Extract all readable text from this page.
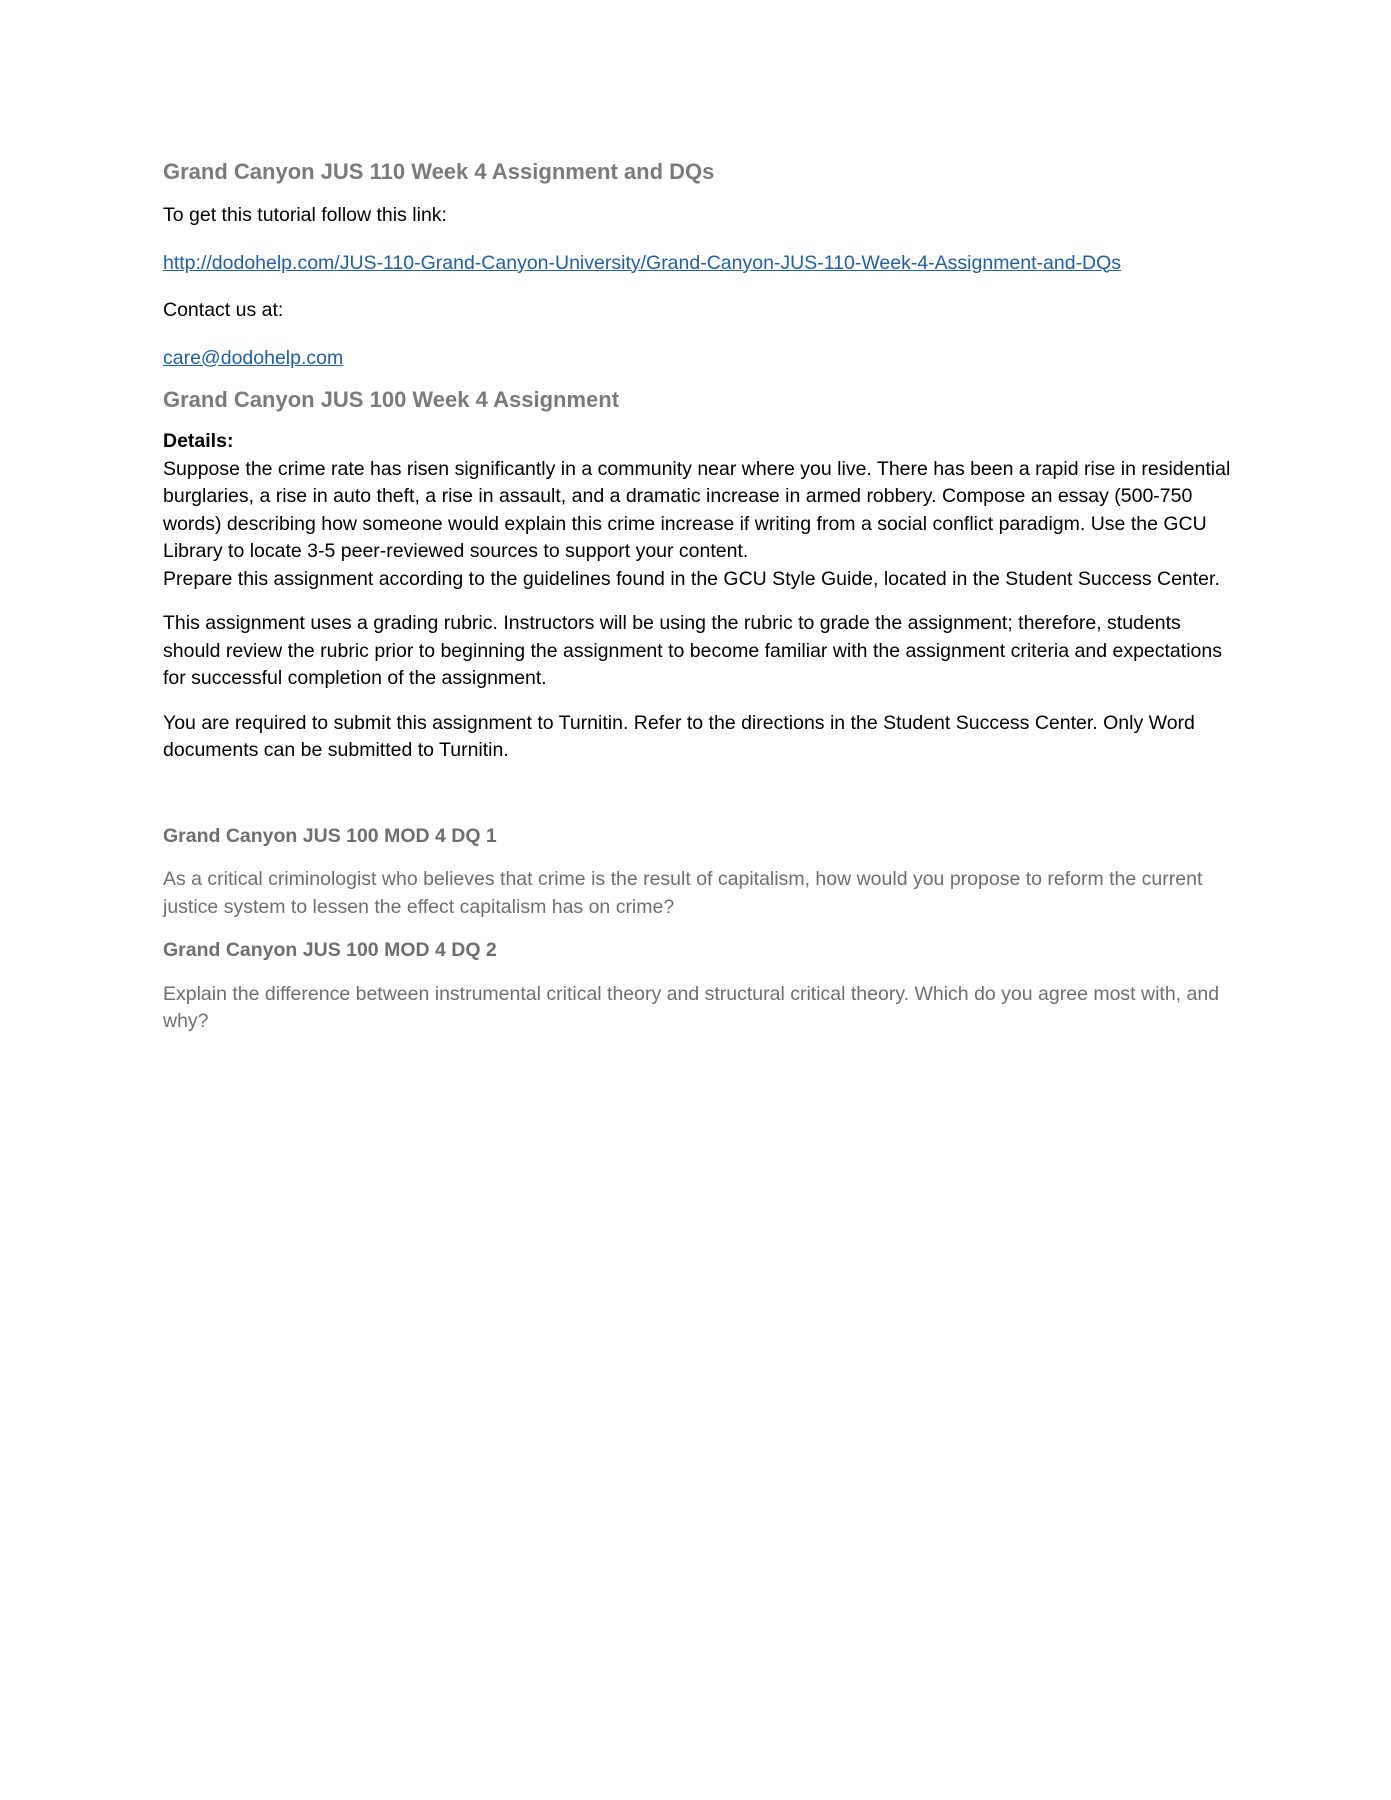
Grand Canyon JUS 110 Week 4 Assignment and DQs

To get this tutorial follow this link:

http://dodohelp.com/JUS-110-Grand-Canyon-University/Grand-Canyon-JUS-110-Week-4-Assignment-and-DQs

Contact us at:

care@dodohelp.com

Grand Canyon JUS 100 Week 4 Assignment

Details:

Suppose the crime rate has risen significantly in a community near where you live. There has been a rapid rise in residential burglaries, a rise in auto theft, a rise in assault, and a dramatic increase in armed robbery. Compose an essay (500-750 words) describing how someone would explain this crime increase if writing from a social conflict paradigm. Use the GCU Library to locate 3-5 peer-reviewed sources to support your content.

Prepare this assignment according to the guidelines found in the GCU Style Guide, located in the Student Success Center.

This assignment uses a grading rubric. Instructors will be using the rubric to grade the assignment; therefore, students should review the rubric prior to beginning the assignment to become familiar with the assignment criteria and expectations for successful completion of the assignment.

You are required to submit this assignment to Turnitin. Refer to the directions in the Student Success Center. Only Word documents can be submitted to Turnitin.

Grand Canyon JUS 100 MOD 4 DQ 1

As a critical criminologist who believes that crime is the result of capitalism, how would you propose to reform the current justice system to lessen the effect capitalism has on crime?

Grand Canyon JUS 100 MOD 4 DQ 2

Explain the difference between instrumental critical theory and structural critical theory. Which do you agree most with, and why?
